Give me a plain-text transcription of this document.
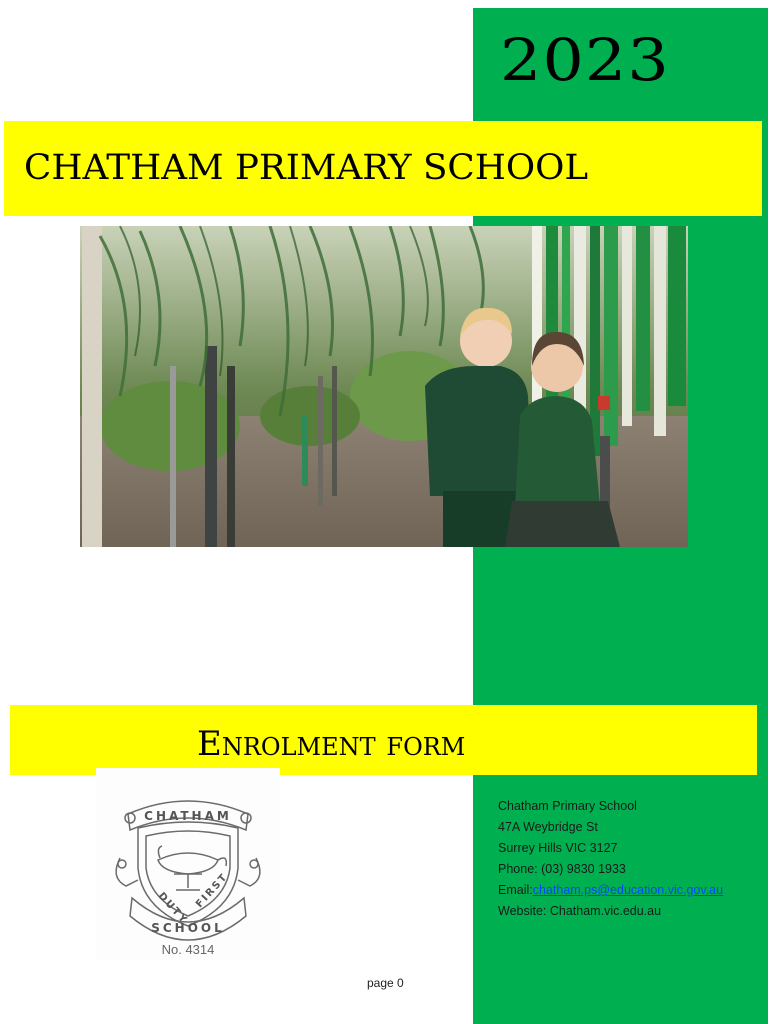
2023
CHATHAM PRIMARY SCHOOL
Enrolment form
CHATHAM
DUTY FIRST
SCHOOL
No. 4314
Chatham Primary School
47A Weybridge St
Surrey Hills VIC 3127
Phone: (03) 9830 1933
Email:chatham.ps@education.vic.gov.au
Website: Chatham.vic.edu.au
page 0
